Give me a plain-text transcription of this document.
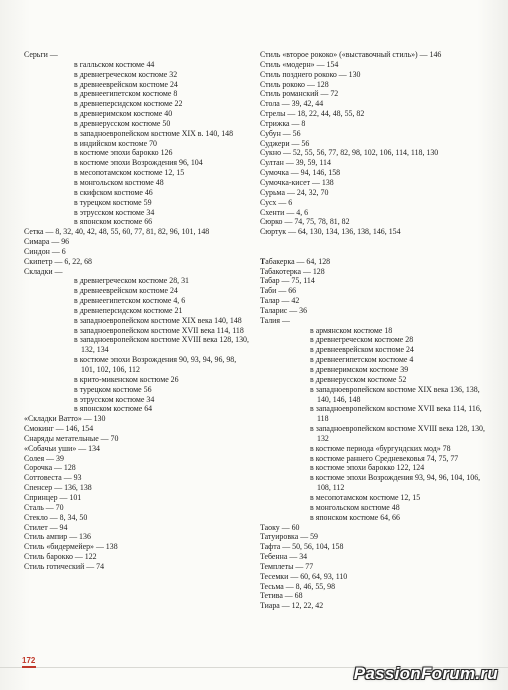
Серьги —
в галльском костюме 44
в древнегреческом костюме 32
в древнееврейском костюме 24
в древнеегипетском костюме 8
в древнеперсидском костюме 22
в древнеримском костюме 40
в древнерусском костюме 50
в западноевропейском костюме XIX в. 140, 148
в индийском костюме 70
в костюме эпохи барокко 126
в костюме эпохи Возрождения 96, 104
в месопотамском костюме 12, 15
в монгольском костюме 48
в скифском костюме 46
в турецком костюме 59
в этрусском костюме 34
в японском костюме 66
Сетка — 8, 32, 40, 42, 48, 55, 60, 77, 81, 82, 96, 101, 148
Симара — 96
Синдон — 6
Скипетр — 6, 22, 68
Складки —
в древнегреческом костюме 28, 31
в древнееврейском костюме 24
в древнеегипетском костюме 4, 6
в древнеперсидском костюме 21
в западноевропейском костюме XIX века 140, 148
в западноевропейском костюме XVII века 114, 118
в западноевропейском костюме XVIII века 128, 130, 132, 134
в костюме эпохи Возрождения 90, 93, 94, 96, 98, 101, 102, 106, 112
в крито-микенском костюме 26
в турецком костюме 56
в этрусском костюме 34
в японском костюме 64
«Складки Ватто» — 130
Смокинг — 146, 154
Снаряды метательные — 70
«Собачьи уши» — 134
Солея — 39
Сорочка — 128
Соттовеста — 93
Спенсер — 136, 138
Спринцер — 101
Сталь — 70
Стекло — 8, 34, 50
Стилет — 94
Стиль ампир — 136
Стиль «бидермейер» — 138
Стиль барокко — 122
Стиль готический — 74
Стиль «второе рококо» («выставочный стиль») — 146
Стиль «модерн» — 154
Стиль позднего рококо — 130
Стиль рококо — 128
Стиль романский — 72
Стола — 39, 42, 44
Стрелы — 18, 22, 44, 48, 55, 82
Стрижка — 8
Субун — 56
Суджери — 56
Сукно — 52, 55, 56, 77, 82, 98, 102, 106, 114, 118, 130
Султан — 39, 59, 114
Сумочка — 94, 146, 158
Сумочка-кисет — 138
Сурьма — 24, 32, 70
Сусх — 6
Схенти — 4, 6
Сюрко — 74, 75, 78, 81, 82
Сюртук — 64, 130, 134, 136, 138, 146, 154
Табакерка — 64, 128
Табакотерка — 128
Табар — 75, 114
Таби — 66
Талар — 42
Таларис — 36
Талия —
в армянском костюме 18
в древнегреческом костюме 28
в древнееврейском костюме 24
в древнеегипетском костюме 4
в древнеримском костюме 39
в древнерусском костюме 52
в западноевропейском костюме XIX века 136, 138, 140, 146, 148
в западноевропейском костюме XVII века 114, 116, 118
в западноевропейском костюме XVIII века 128, 130, 132
в костюме периода «бургундских мод» 78
в костюме раннего Средневековья 74, 75, 77
в костюме эпохи барокко 122, 124
в костюме эпохи Возрождения 93, 94, 96, 104, 106, 108, 112
в месопотамском костюме 12, 15
в монгольском костюме 48
в японском костюме 64, 66
Таоку — 60
Татуировка — 59
Тафта — 50, 56, 104, 158
Тебенна — 34
Темплеты — 77
Тесемки — 60, 64, 93, 110
Тесьма — 8, 46, 55, 98
Тетива — 68
Тиара — 12, 22, 42
172
PassionForum.ru
